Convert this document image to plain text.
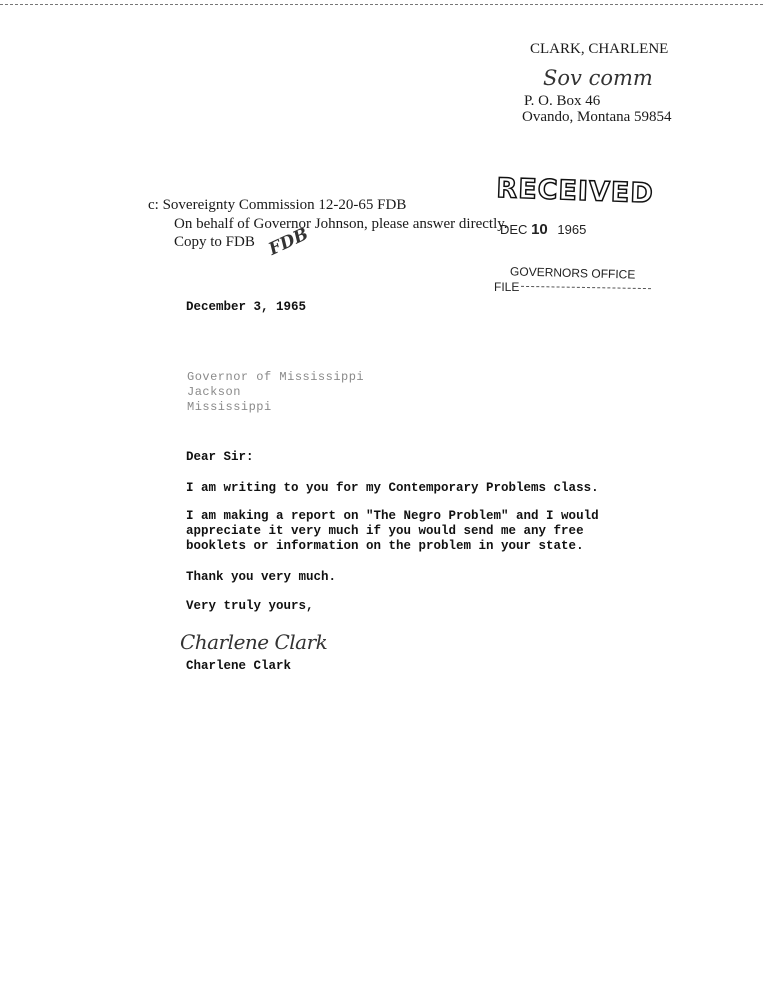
CLARK, CHARLENE
Sov comm
P. O. Box 46
Ovando, Montana 59854
c: Sovereignty Commission 12-20-65 FDB
On behalf of Governor Johnson, please answer directly.
Copy to FDB FDB
RECEIVED
DEC 10 1965
GOVERNORS OFFICE
FILE
December 3, 1965
Governor of Mississippi
Jackson
Mississippi
Dear Sir:
I am writing to you for my Contemporary Problems class.
I am making a report on "The Negro Problem" and I would
appreciate it very much if you would send me any free
booklets or information on the problem in your state.
Thank you very much.
Very truly yours,
Charlene Clark
Charlene Clark
